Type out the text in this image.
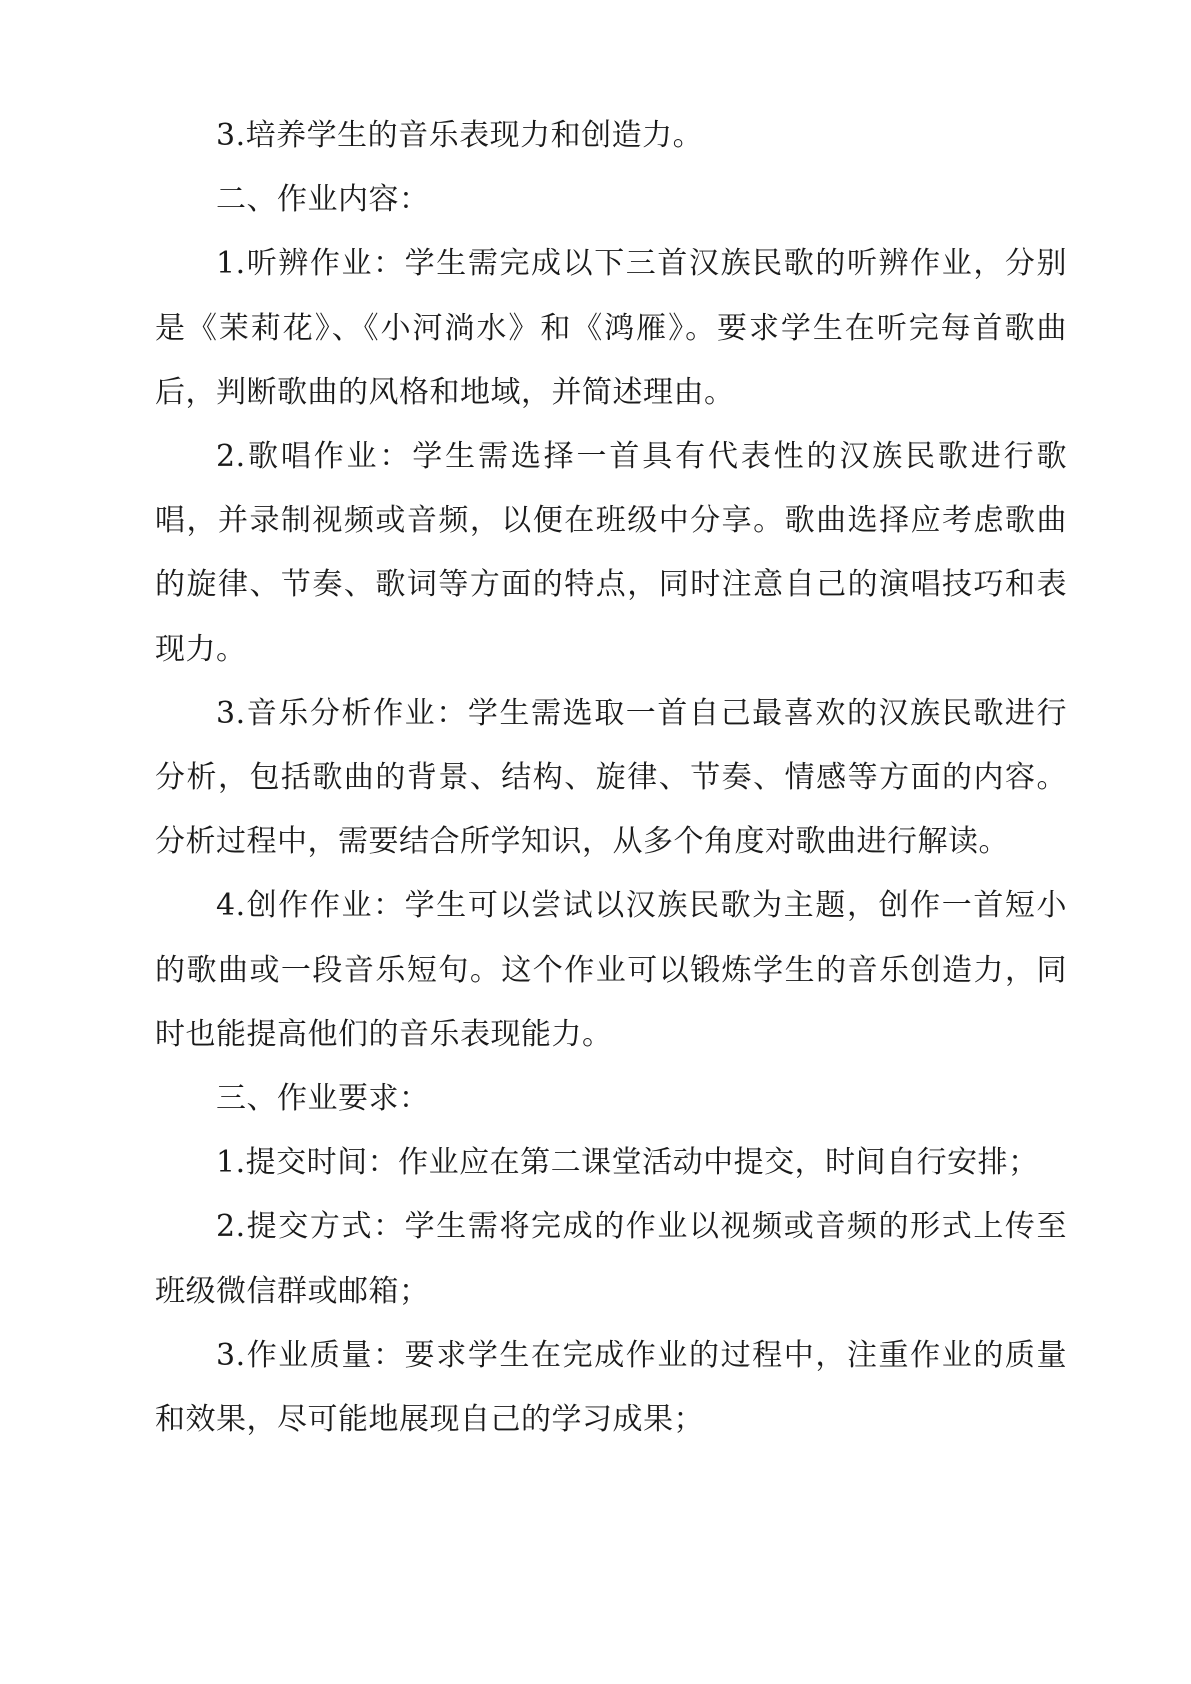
3.培养学生的音乐表现力和创造力。

二、作业内容：

1.听辨作业：学生需完成以下三首汉族民歌的听辨作业，分别是《茉莉花》、《小河淌水》和《鸿雁》。要求学生在听完每首歌曲后，判断歌曲的风格和地域，并简述理由。

2.歌唱作业：学生需选择一首具有代表性的汉族民歌进行歌唱，并录制视频或音频，以便在班级中分享。歌曲选择应考虑歌曲的旋律、节奏、歌词等方面的特点，同时注意自己的演唱技巧和表现力。

3.音乐分析作业：学生需选取一首自己最喜欢的汉族民歌进行分析，包括歌曲的背景、结构、旋律、节奏、情感等方面的内容。分析过程中，需要结合所学知识，从多个角度对歌曲进行解读。

4.创作作业：学生可以尝试以汉族民歌为主题，创作一首短小的歌曲或一段音乐短句。这个作业可以锻炼学生的音乐创造力，同时也能提高他们的音乐表现能力。

三、作业要求：

1.提交时间：作业应在第二课堂活动中提交，时间自行安排；

2.提交方式：学生需将完成的作业以视频或音频的形式上传至班级微信群或邮箱；

3.作业质量：要求学生在完成作业的过程中，注重作业的质量和效果，尽可能地展现自己的学习成果；
